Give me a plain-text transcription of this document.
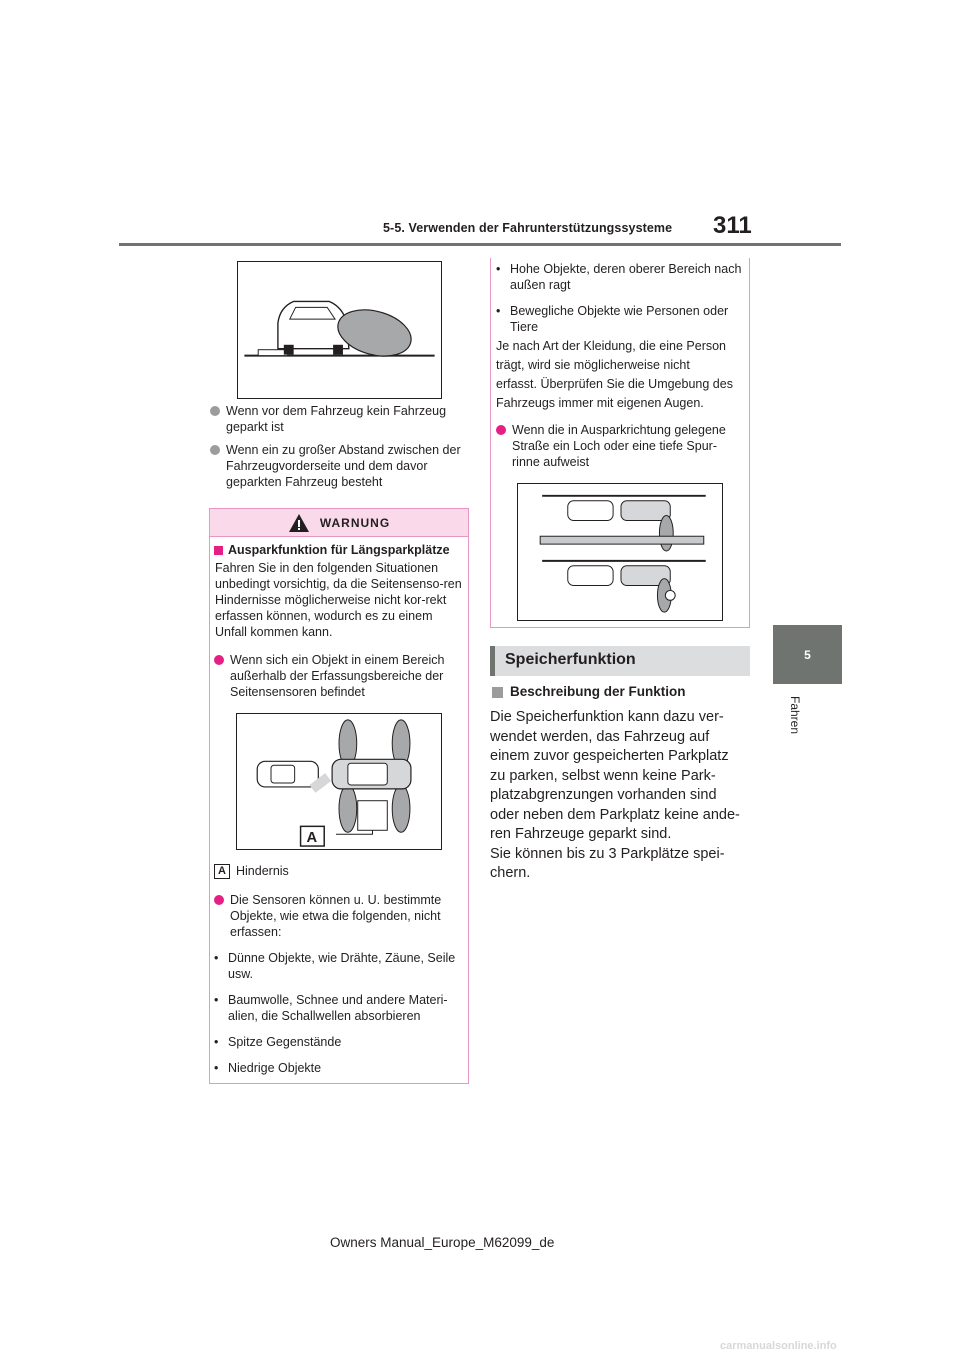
5-5. Verwenden der Fahrunterstützungssysteme 311
5
Fahren
Wenn vor dem Fahrzeug kein Fahrzeug geparkt ist
Wenn ein zu großer Abstand zwischen der Fahrzeugvorderseite und dem davor geparkten Fahrzeug besteht
WARNUNG
Ausparkfunktion für Längsparkplätze
Fahren Sie in den folgenden Situationen unbedingt vorsichtig, da die Seitensenso-ren Hindernisse möglicherweise nicht kor-rekt erfassen können, wodurch es zu einem Unfall kommen kann.
Wenn sich ein Objekt in einem Bereich außerhalb der Erfassungsbereiche der Seitensensoren befindet
A
A Hindernis
Die Sensoren können u. U. bestimmte Objekte, wie etwa die folgenden, nicht erfassen:
• Dünne Objekte, wie Drähte, Zäune, Seile usw.
• Baumwolle, Schnee und andere Materi-alien, die Schallwellen absorbieren
• Spitze Gegenstände
• Niedrige Objekte
• Hohe Objekte, deren oberer Bereich nach außen ragt
• Bewegliche Objekte wie Personen oder Tiere
Je nach Art der Kleidung, die eine Person
trägt, wird sie möglicherweise nicht
erfasst. Überprüfen Sie die Umgebung des
Fahrzeugs immer mit eigenen Augen.
Wenn die in Ausparkrichtung gelegene Straße ein Loch oder eine tiefe Spur-rinne aufweist
Speicherfunktion
Beschreibung der Funktion
Die Speicherfunktion kann dazu ver-
wendet werden, das Fahrzeug auf
einem zuvor gespeicherten Parkplatz
zu parken, selbst wenn keine Park-
platzabgrenzungen vorhanden sind
oder neben dem Parkplatz keine ande-
ren Fahrzeuge geparkt sind.
Sie können bis zu 3 Parkplätze spei-
chern.
Owners Manual_Europe_M62099_de
carmanualsonline.info
